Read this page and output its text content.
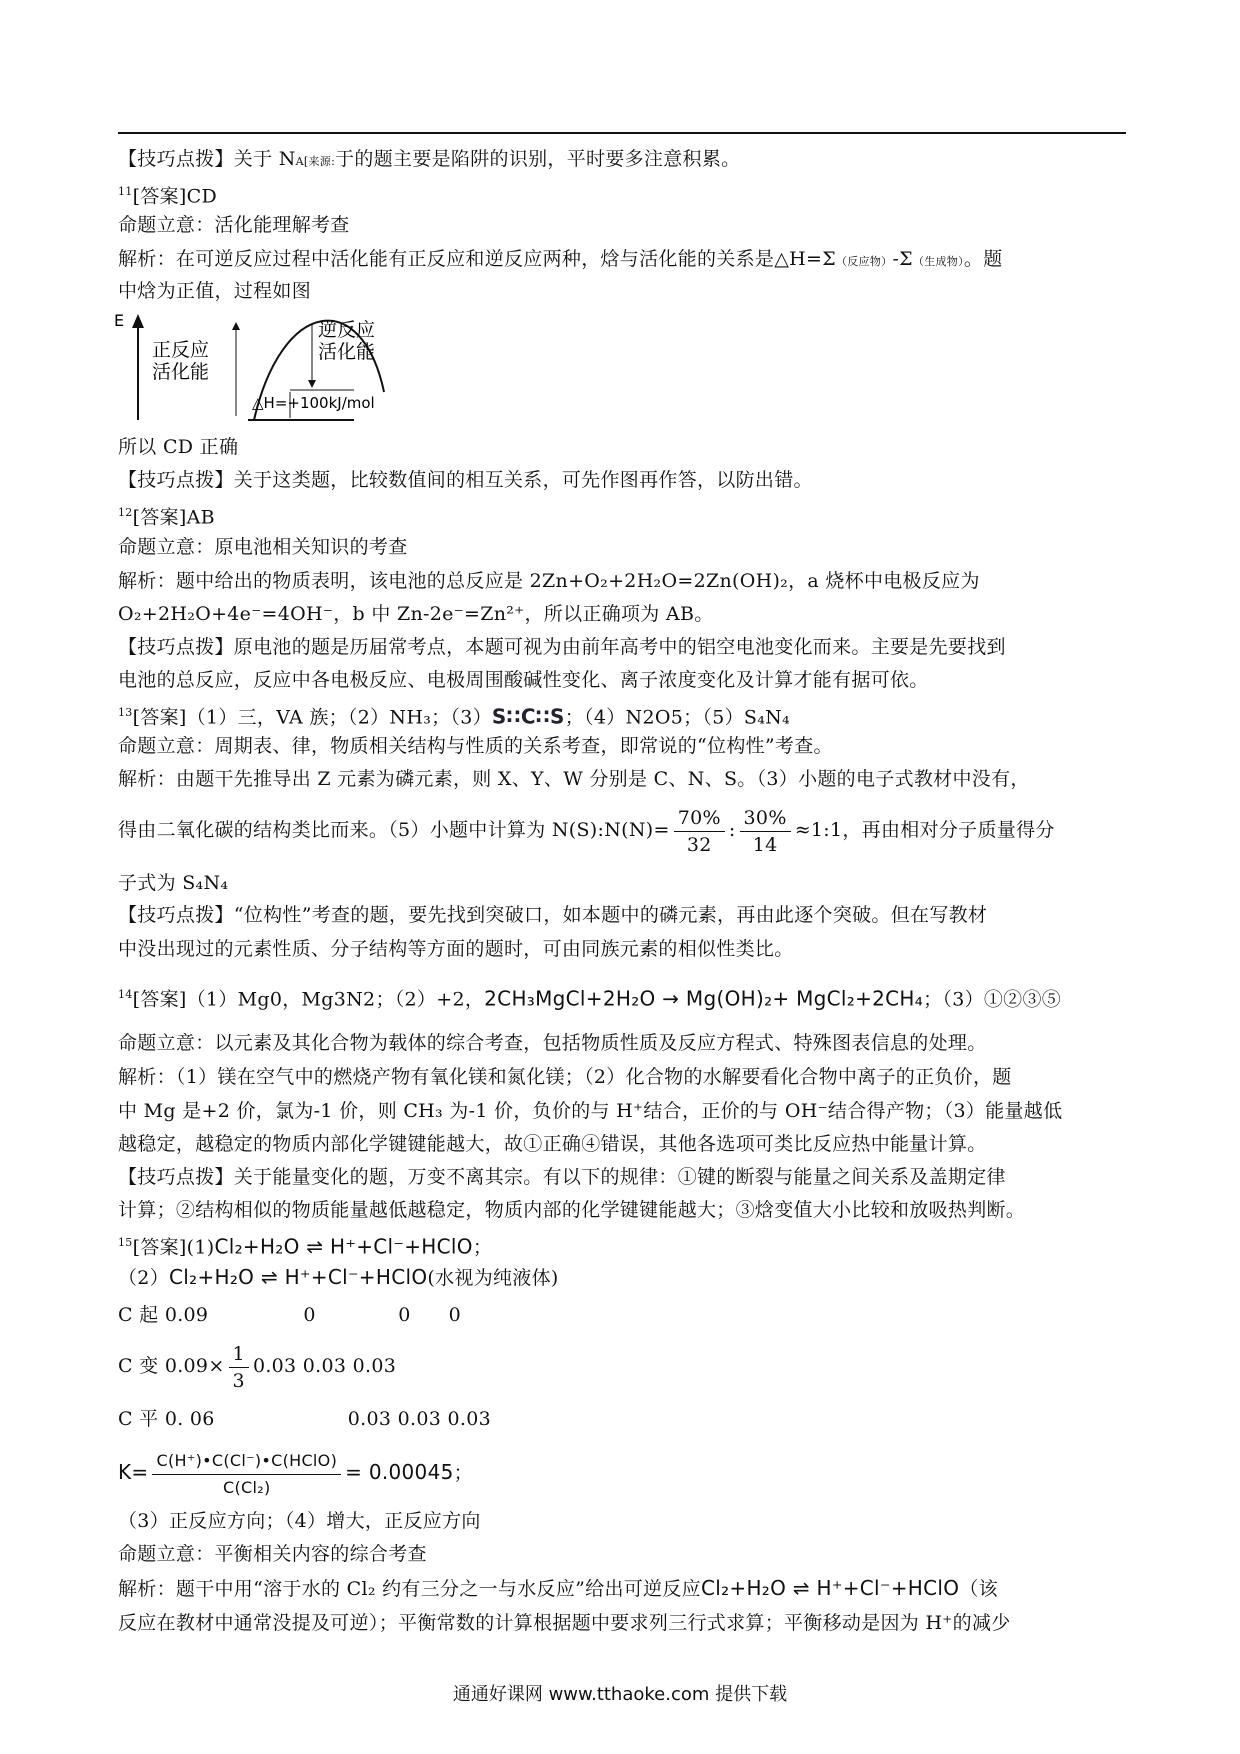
【技巧点拨】关于 NA[来源:于的题主要是陷阱的识别，平时要多注意积累。
$^{11}$[答案]CD
命题立意：活化能理解考查
解析：在可逆反应过程中活化能有正反应和逆反应两种，焓与活化能的关系是△H=Σ（反应物）-Σ（生成物）。题
中焓为正值，过程如图
E
正反应
活化能
逆反应
活化能
△H=+100kJ/mol
所以 CD 正确
【技巧点拨】关于这类题，比较数值间的相互关系，可先作图再作答，以防出错。
$^{12}$[答案]AB
命题立意：原电池相关知识的考查
解析：题中给出的物质表明，该电池的总反应是 2Zn+O₂+2H₂O=2Zn(OH)₂，a 烧杯中电极反应为
O₂+2H₂O+4e⁻=4OH⁻，b 中 Zn-2e⁻=Zn²⁺，所以正确项为 AB。
【技巧点拨】原电池的题是历届常考点，本题可视为由前年高考中的铝空电池变化而来。主要是先要找到
电池的总反应，反应中各电极反应、电极周围酸碱性变化、离子浓度变化及计算才能有据可依。
$^{13}$[答案]（1）三，VA 族；（2）NH₃；（3）S∷C∷S；（4）N2O5；（5）S₄N₄
命题立意：周期表、律，物质相关结构与性质的关系考查，即常说的“位构性”考查。
解析：由题干先推导出 Z 元素为磷元素，则 X、Y、W 分别是 C、N、S。（3）小题的电子式教材中没有，
得由二氧化碳的结构类比而来。（5）小题中计算为 N(S):N(N)= $\frac{70\%}{32}$ : $\frac{30\%}{14}$ ≈1:1，再由相对分子质量得分
子式为 S₄N₄
【技巧点拨】“位构性”考查的题，要先找到突破口，如本题中的磷元素，再由此逐个突破。但在写教材
中没出现过的元素性质、分子结构等方面的题时，可由同族元素的相似性类比。
$^{14}$[答案]（1）Mg0，Mg3N2；（2）+2，2CH₃MgCl+2H₂O → Mg(OH)₂+ MgCl₂+2CH₄；（3）①②③⑤
命题立意：以元素及其化合物为载体的综合考查，包括物质性质及反应方程式、特殊图表信息的处理。
解析：（1）镁在空气中的燃烧产物有氧化镁和氮化镁；（2）化合物的水解要看化合物中离子的正负价，题
中 Mg 是+2 价，氯为-1 价，则 CH₃ 为-1 价，负价的与 H⁺结合，正价的与 OH⁻结合得产物；（3）能量越低
越稳定，越稳定的物质内部化学键键能越大，故①正确④错误，其他各选项可类比反应热中能量计算。
【技巧点拨】关于能量变化的题，万变不离其宗。有以下的规律：①键的断裂与能量之间关系及盖期定律
计算；②结构相似的物质能量越低越稳定，物质内部的化学键键能越大；③焓变值大小比较和放吸热判断。
$^{15}$[答案](1)Cl₂+H₂O ⇌ H⁺+Cl⁻+HClO；
（2）Cl₂+H₂O ⇌ H⁺+Cl⁻+HClO(水视为纯液体)
C 起 0.09               0             0      0
C 变 $0.09\times \frac{1}{3} 0.03$ 0.03 0.03
C 平 0. 06                     0.03 0.03 0.03
$K= \frac{\text{C(H⁺)•C(Cl⁻)•C(HClO)}}{\text{C(Cl₂)}} = 0.00045$；
（3）正反应方向；（4）增大，正反应方向
命题立意：平衡相关内容的综合考查
解析：题干中用“溶于水的 Cl₂ 约有三分之一与水反应”给出可逆反应Cl₂+H₂O ⇌ H⁺+Cl⁻+HClO（该
反应在教材中通常没提及可逆）；平衡常数的计算根据题中要求列三行式求算；平衡移动是因为 H⁺的减少
通通好课网 www.tthaoke.com 提供下载
